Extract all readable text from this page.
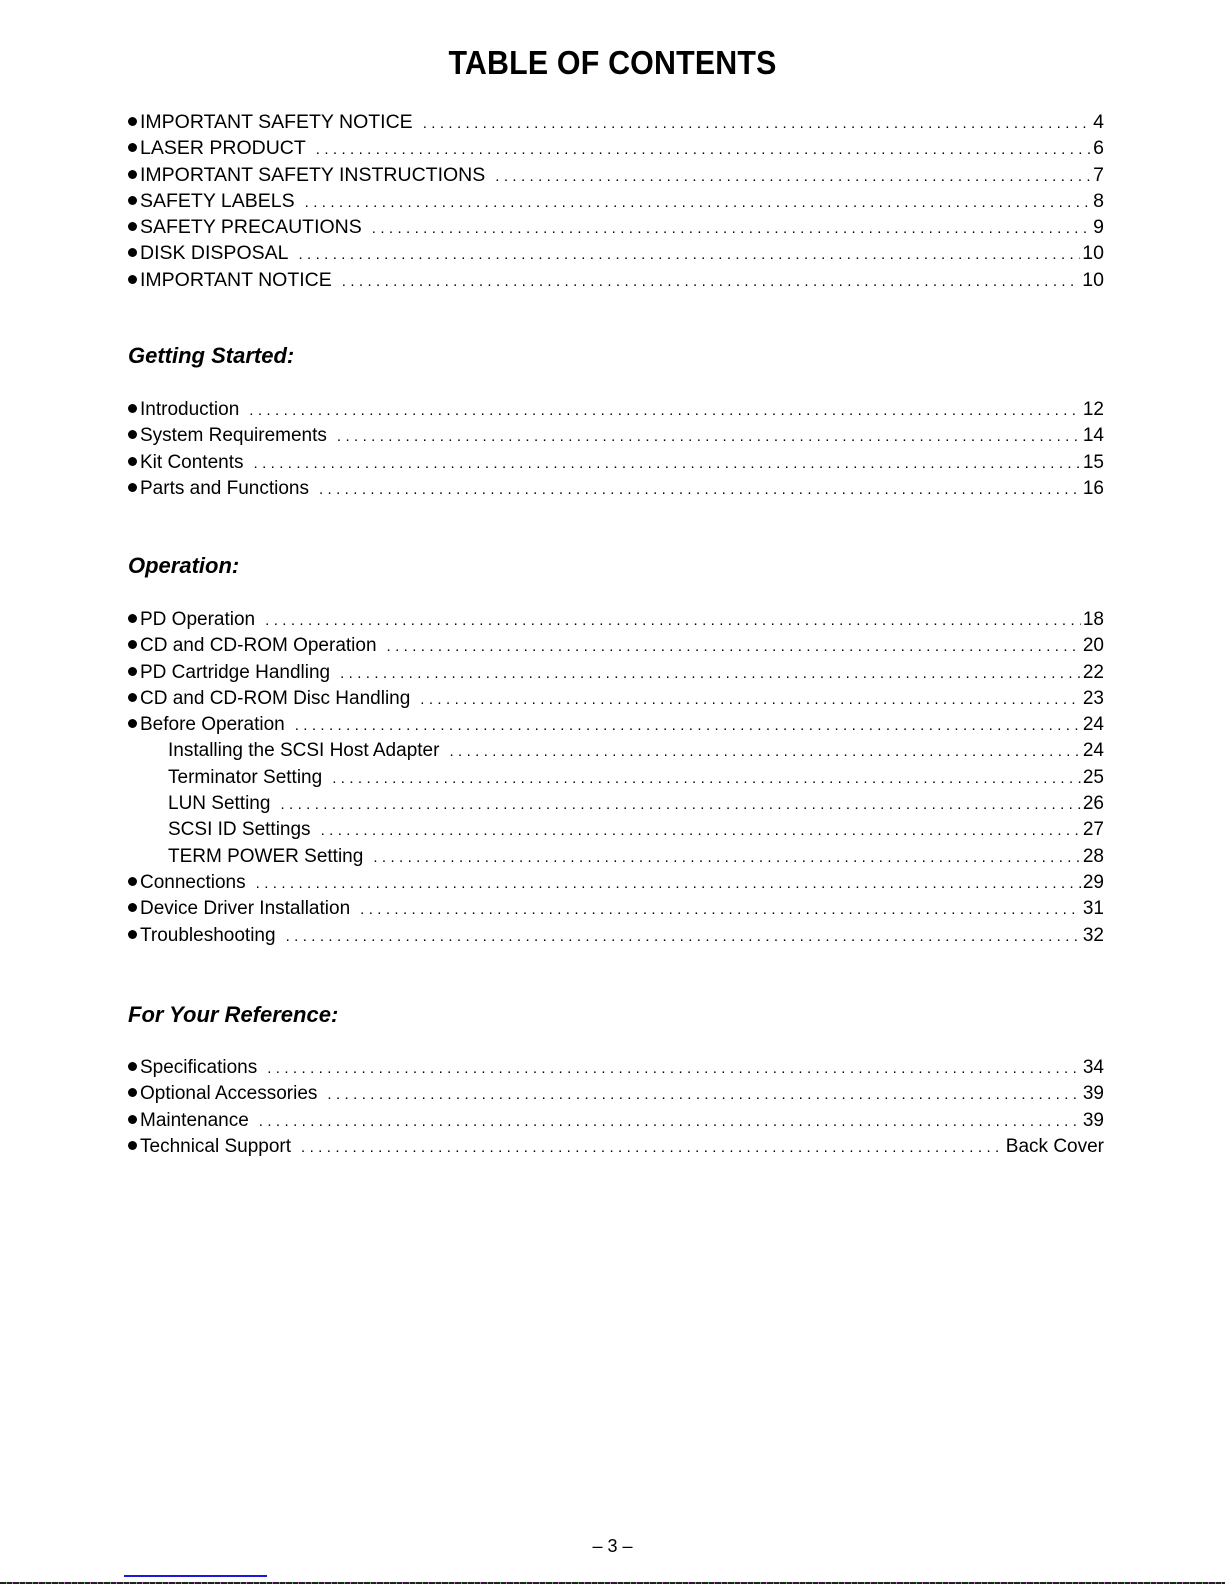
TABLE OF CONTENTS
IMPORTANT SAFETY NOTICE .....	4
LASER PRODUCT .....	6
IMPORTANT SAFETY INSTRUCTIONS .....	7
SAFETY LABELS .....	8
SAFETY PRECAUTIONS .....	9
DISK DISPOSAL .....	10
IMPORTANT NOTICE .....	10
Getting Started:
Introduction .....	12
System Requirements .....	14
Kit Contents .....	15
Parts and Functions .....	16
Operation:
PD Operation .....	18
CD and CD-ROM Operation .....	20
PD Cartridge Handling .....	22
CD and CD-ROM Disc Handling .....	23
Before Operation .....	24
Installing the SCSI Host Adapter .....	24
Terminator Setting .....	25
LUN Setting .....	26
SCSI ID Settings .....	27
TERM POWER Setting .....	28
Connections .....	29
Device Driver Installation .....	31
Troubleshooting .....	32
For Your Reference:
Specifications .....	34
Optional Accessories .....	39
Maintenance .....	39
Technical Support .....	Back Cover
– 3 –
